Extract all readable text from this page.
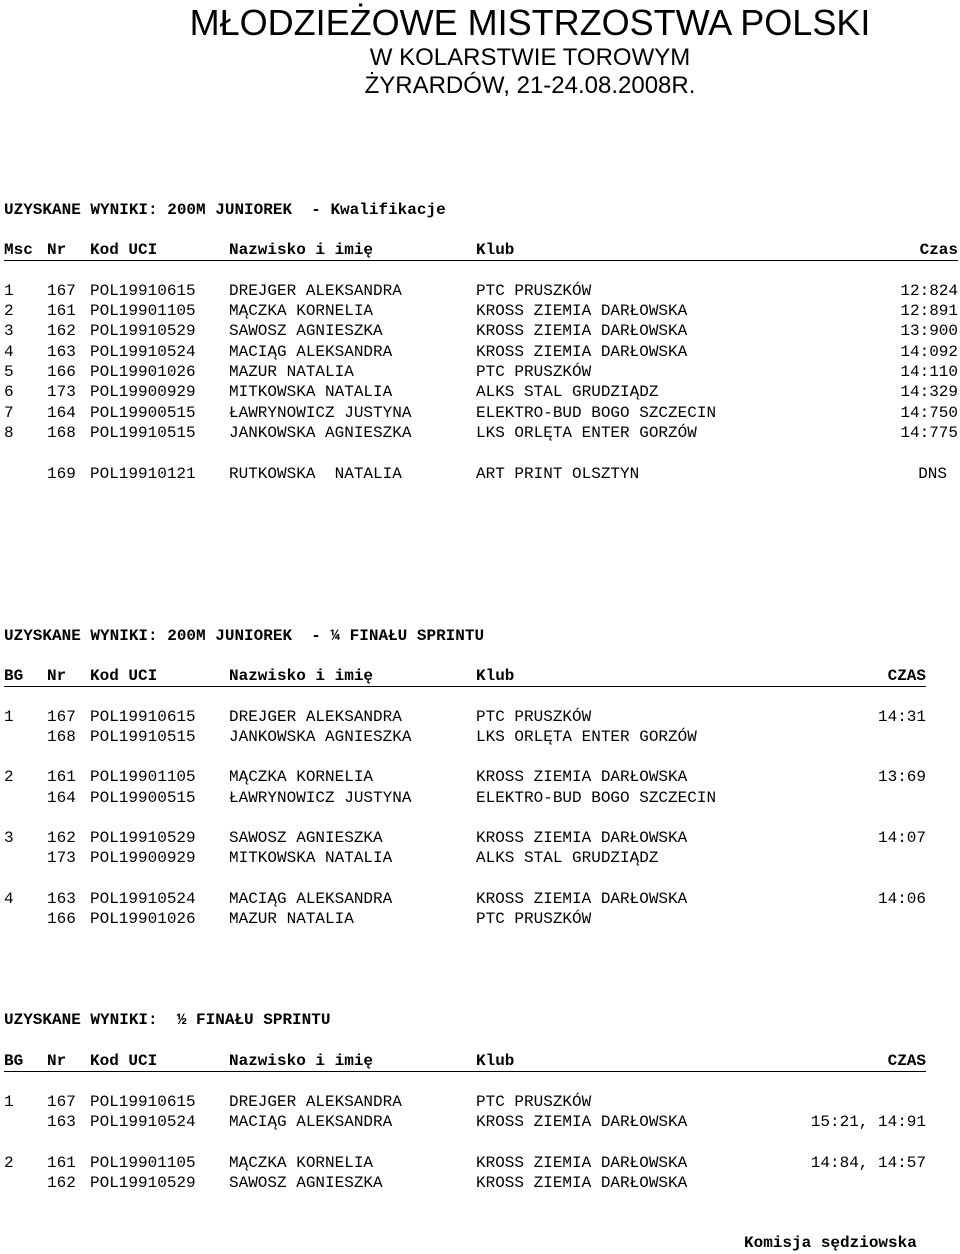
MŁODZIEŻOWE MISTRZOSTWA POLSKI
W KOLARSTWIE TOROWYM
ŻYRARDÓW, 21-24.08.2008R.
UZYSKANE WYNIKI: 200M JUNIOREK  - Kwalifikacje
Msc Nr Kod UCI	Nazwisko i imię	Klub	Czas
1 167 POL19910615 DREJGER ALEKSANDRA	PTC PRUSZKÓW	12:824
2 161 POL19901105 MĄCZKA KORNELIA	KROSS ZIEMIA DARŁOWSKA	12:891
3 162 POL19910529 SAWOSZ AGNIESZKA	KROSS ZIEMIA DARŁOWSKA	13:900
4 163 POL19910524 MACIĄG ALEKSANDRA	KROSS ZIEMIA DARŁOWSKA	14:092
5 166 POL19901026 MAZUR NATALIA	PTC PRUSZKÓW	14:110
6 173 POL19900929 MITKOWSKA NATALIA	ALKS STAL GRUDZIĄDZ	14:329
7 164 POL19900515 ŁAWRYNOWICZ JUSTYNA	ELEKTRO-BUD BOGO SZCZECIN	14:750
8 168 POL19910515 JANKOWSKA AGNIESZKA	LKS ORLĘTA ENTER GORZÓW	14:775
169 POL19910121 RUTKOWSKA  NATALIA	ART PRINT OLSZTYN	DNS
UZYSKANE WYNIKI: 200M JUNIOREK  - ¼ FINAŁU SPRINTU
BG Nr Kod UCI	Nazwisko i imię	Klub	CZAS
1 167 POL19910615 DREJGER ALEKSANDRA	PTC PRUSZKÓW	14:31
168 POL19910515 JANKOWSKA AGNIESZKA	LKS ORLĘTA ENTER GORZÓW
2 161 POL19901105 MĄCZKA KORNELIA	KROSS ZIEMIA DARŁOWSKA	13:69
164 POL19900515 ŁAWRYNOWICZ JUSTYNA	ELEKTRO-BUD BOGO SZCZECIN
3 162 POL19910529 SAWOSZ AGNIESZKA	KROSS ZIEMIA DARŁOWSKA	14:07
173 POL19900929 MITKOWSKA NATALIA	ALKS STAL GRUDZIĄDZ
4 163 POL19910524 MACIĄG ALEKSANDRA	KROSS ZIEMIA DARŁOWSKA	14:06
166 POL19901026 MAZUR NATALIA	PTC PRUSZKÓW
UZYSKANE WYNIKI:  ½ FINAŁU SPRINTU
BG Nr Kod UCI	Nazwisko i imię	Klub	CZAS
1 167 POL19910615 DREJGER ALEKSANDRA	PTC PRUSZKÓW
163 POL19910524 MACIĄG ALEKSANDRA	KROSS ZIEMIA DARŁOWSKA	15:21, 14:91
2 161 POL19901105 MĄCZKA KORNELIA	KROSS ZIEMIA DARŁOWSKA	14:84, 14:57
162 POL19910529 SAWOSZ AGNIESZKA	KROSS ZIEMIA DARŁOWSKA
Komisja sędziowska
